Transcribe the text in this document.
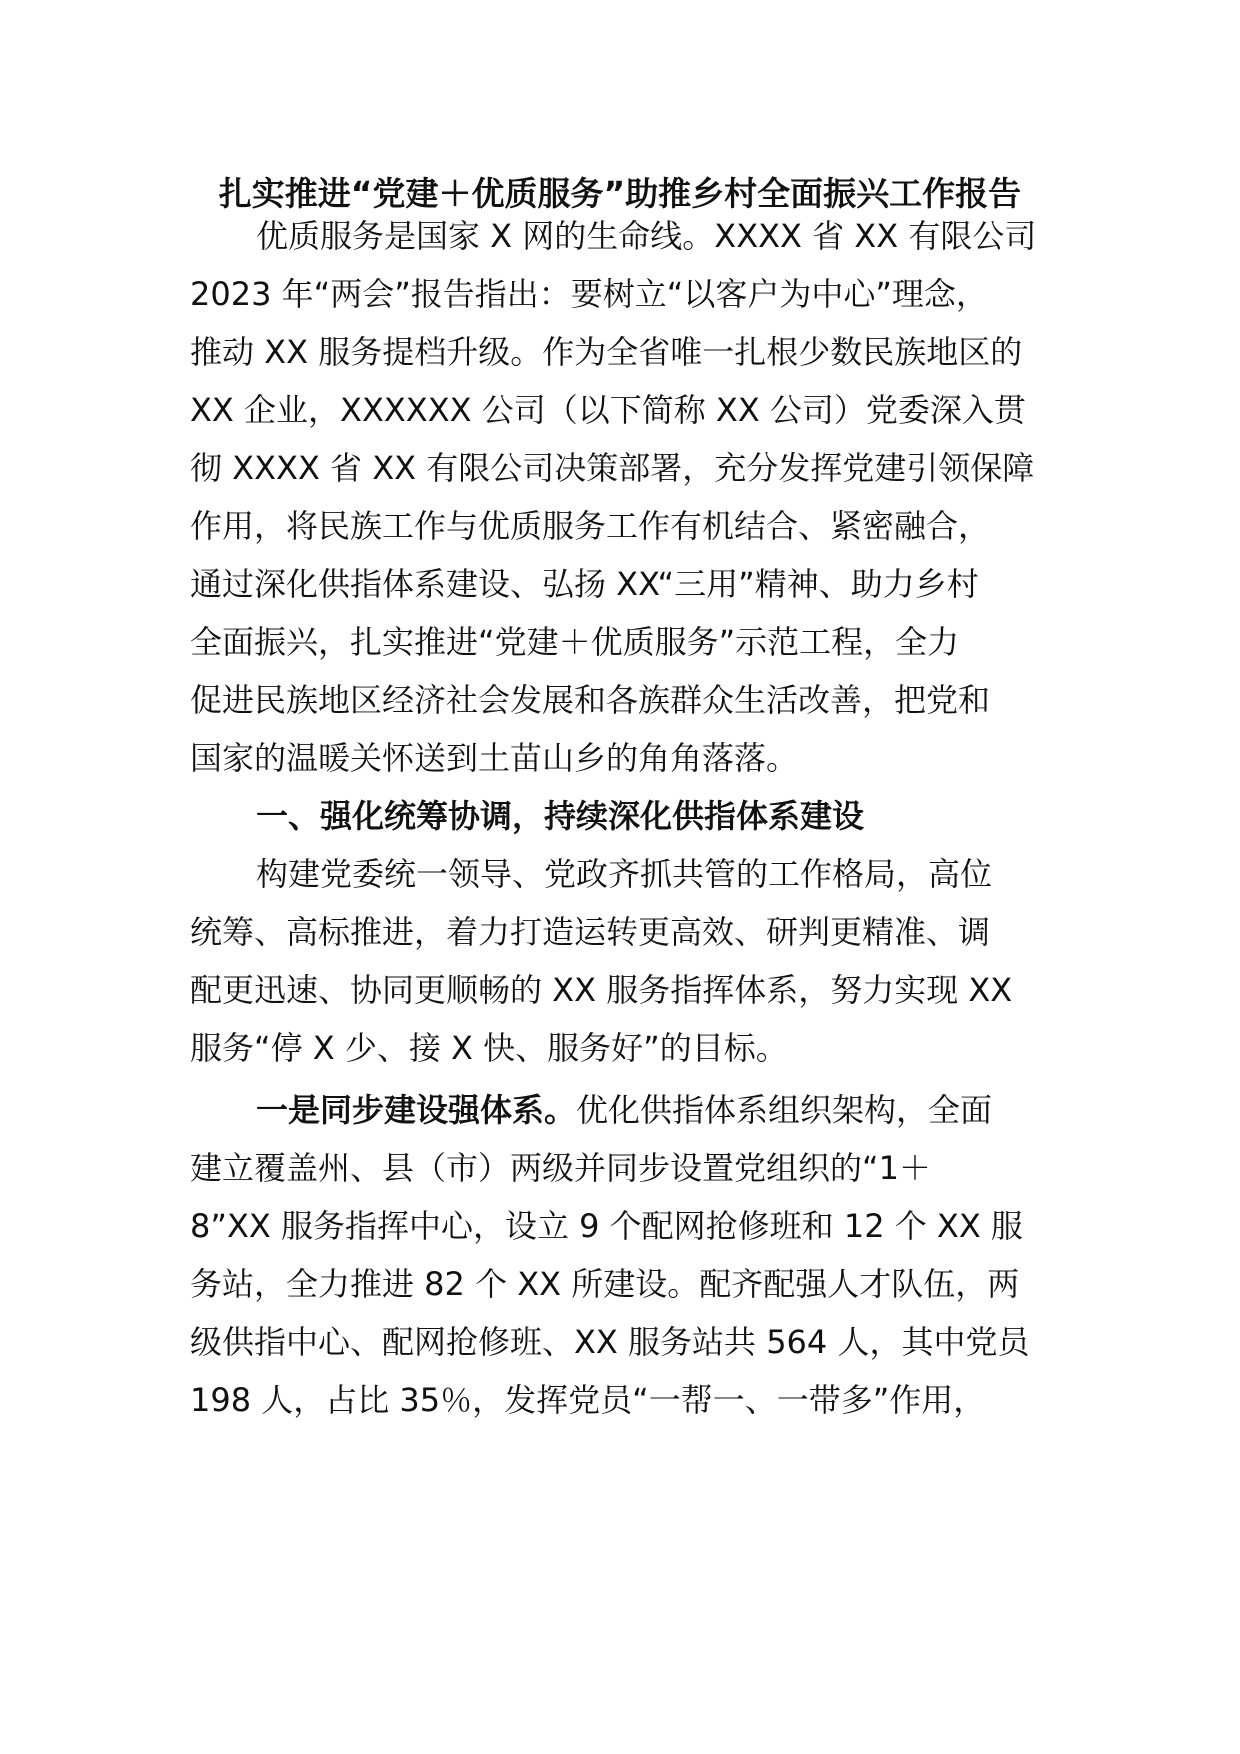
扎实推进“党建＋优质服务”助推乡村全面振兴工作报告

优质服务是国家 X 网的生命线。XXXX 省 XX 有限公司

2023 年“两会”报告指出：要树立“以客户为中心”理念，

推动 XX 服务提档升级。作为全省唯一扎根少数民族地区的

XX 企业，XXXXXX 公司（以下简称 XX 公司）党委深入贯

彻 XXXX 省 XX 有限公司决策部署，充分发挥党建引领保障

作用，将民族工作与优质服务工作有机结合、紧密融合，

通过深化供指体系建设、弘扬 XX“三用”精神、助力乡村

全面振兴，扎实推进“党建＋优质服务”示范工程，全力

促进民族地区经济社会发展和各族群众生活改善，把党和

国家的温暖关怀送到土苗山乡的角角落落。

一、强化统筹协调，持续深化供指体系建设

构建党委统一领导、党政齐抓共管的工作格局，高位

统筹、高标推进，着力打造运转更高效、研判更精准、调

配更迅速、协同更顺畅的 XX 服务指挥体系，努力实现 XX

服务“停 X 少、接 X 快、服务好”的目标。

一是同步建设强体系。优化供指体系组织架构，全面

建立覆盖州、县（市）两级并同步设置党组织的“1＋

8”XX 服务指挥中心，设立 9 个配网抢修班和 12 个 XX 服

务站，全力推进 82 个 XX 所建设。配齐配强人才队伍，两

级供指中心、配网抢修班、XX 服务站共 564 人，其中党员

198 人，占比 35％，发挥党员“一帮一、一带多”作用，
